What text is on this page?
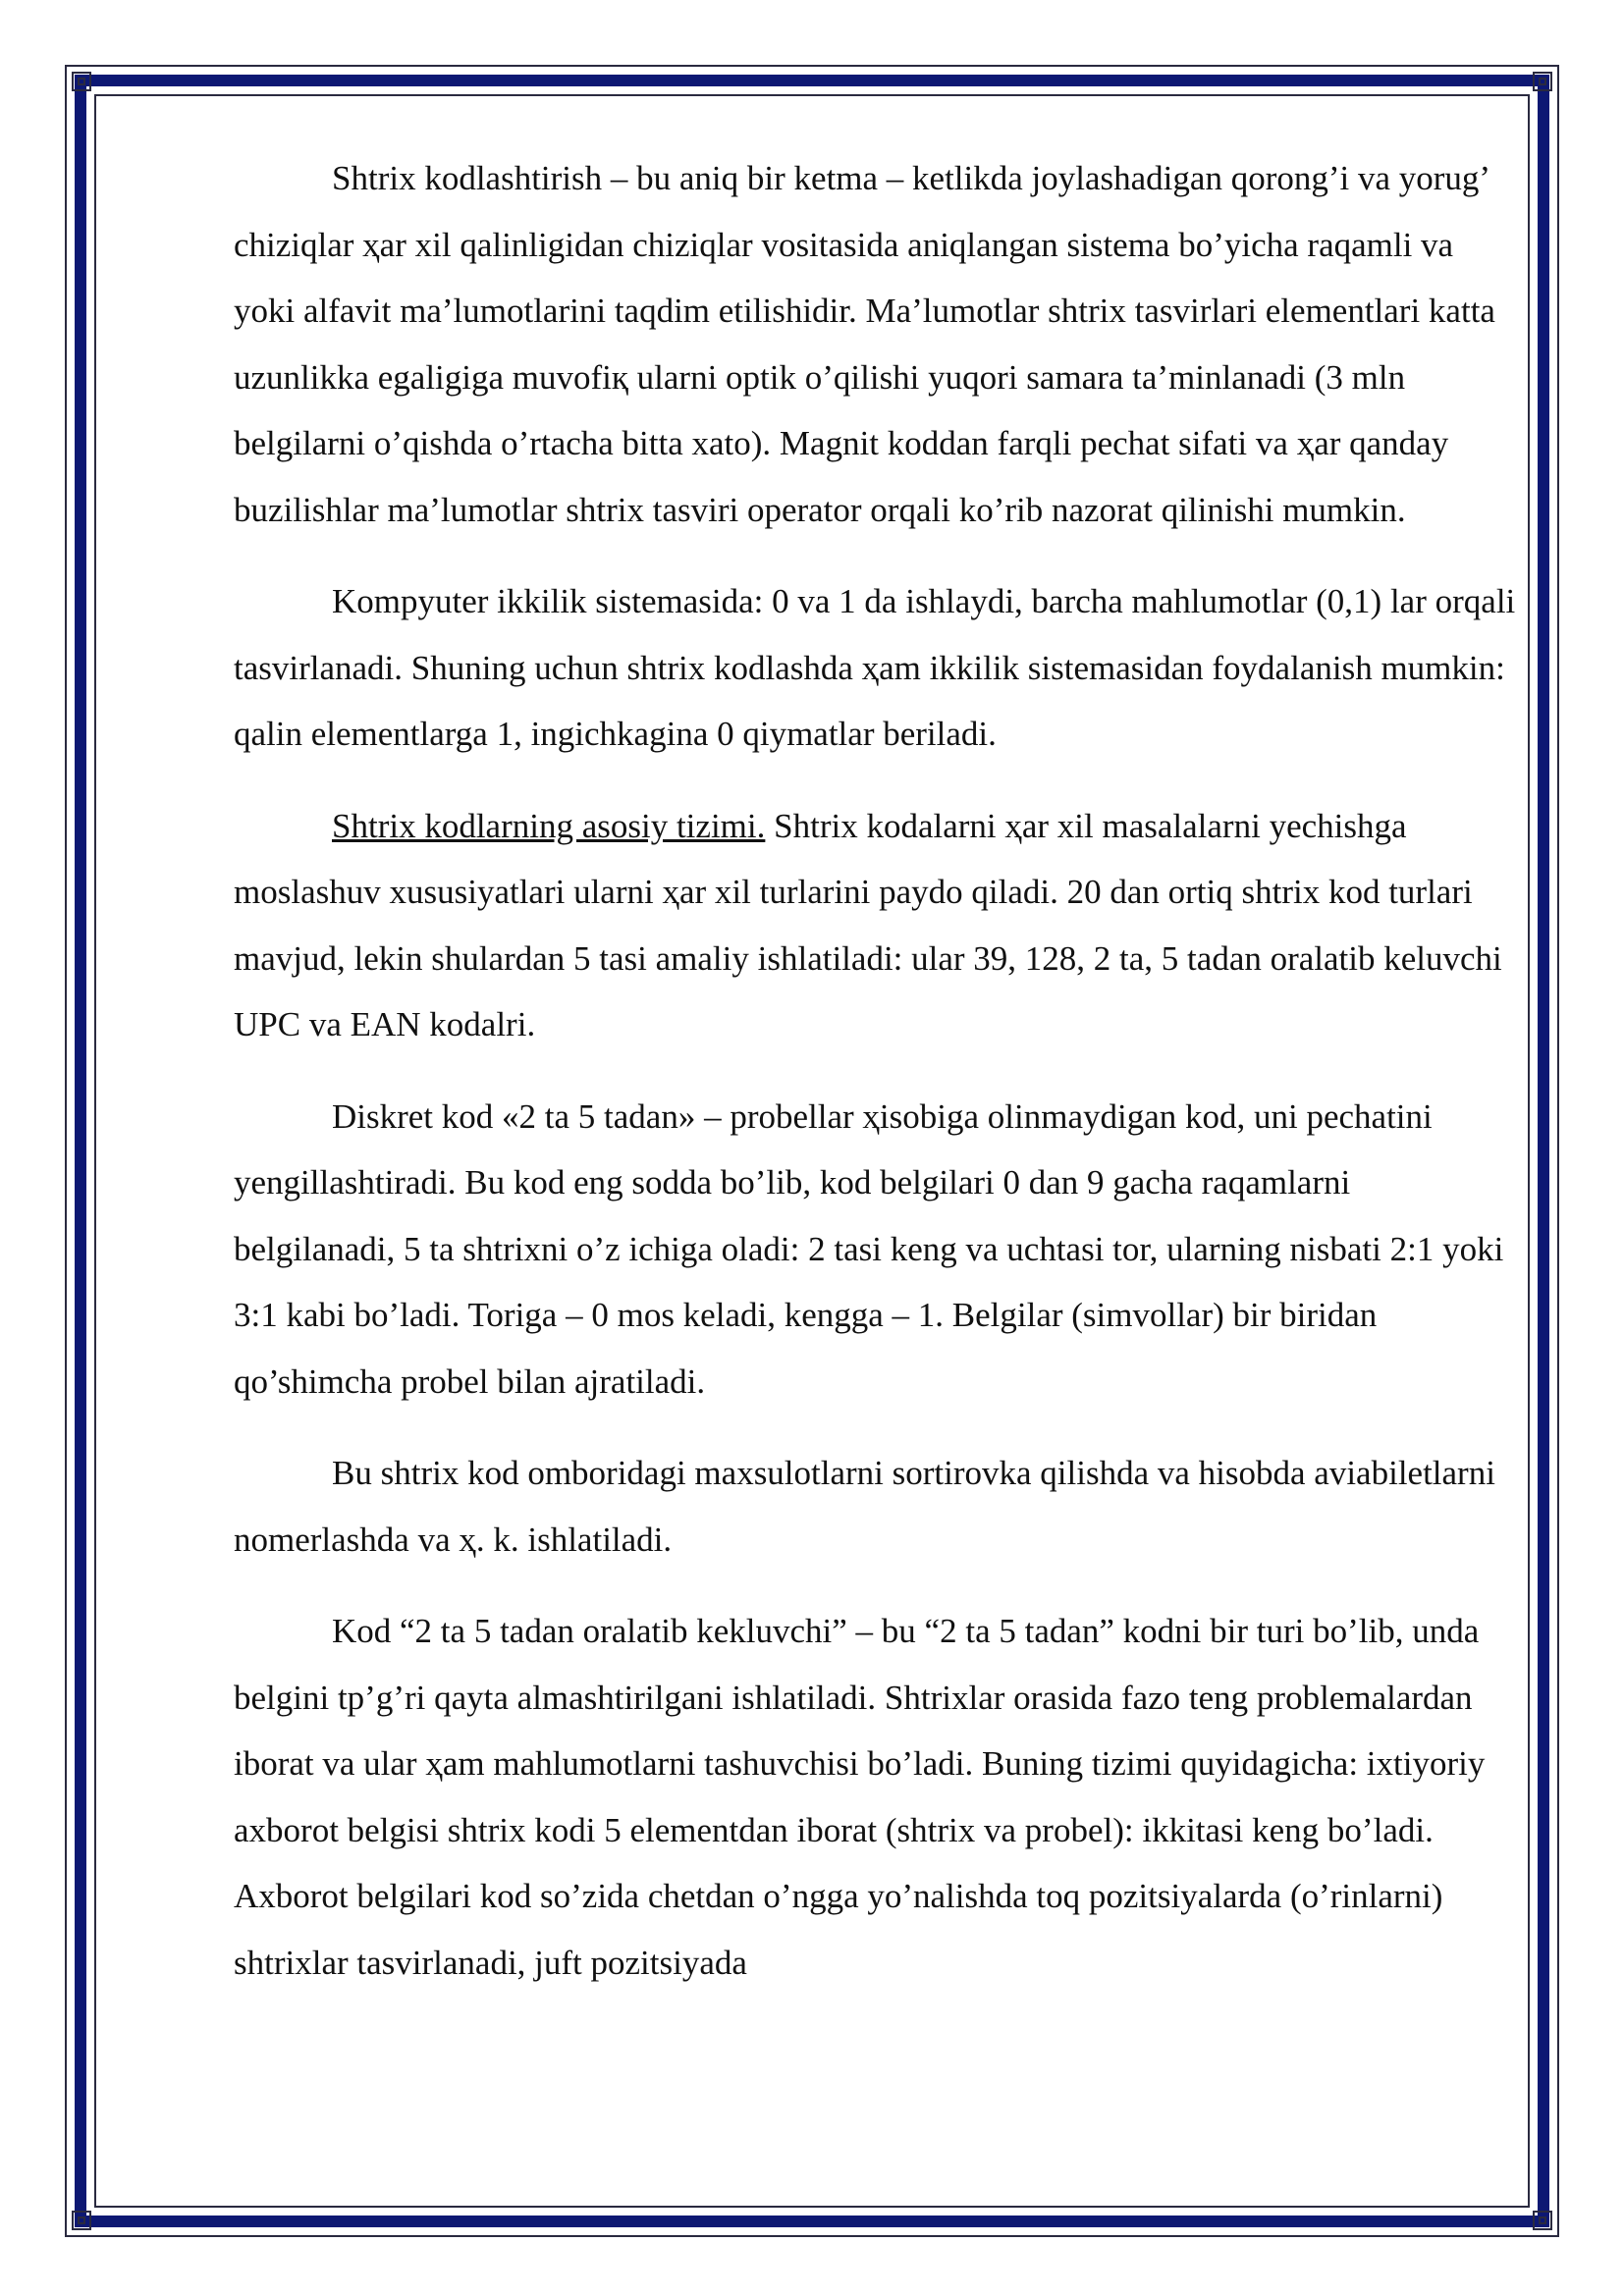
Shtrix kodlashtirish – bu aniq bir ketma – ketlikda joylashadigan qorong’i va yorug’ chiziqlar ҳar xil qalinligidan chiziqlar vositasida aniqlangan sistema bo’yicha raqamli va yoki alfavit ma’lumotlarini taqdim etilishidir. Ma’lumotlar shtrix tasvirlari elementlari katta uzunlikka egaligiga muvofiқ ularni optik o’qilishi yuqori samara ta’minlanadi (3 mln belgilarni o’qishda o’rtacha bitta xato). Magnit koddan farqli pechat sifati va ҳar qanday buzilishlar ma’lumotlar shtrix tasviri operator orqali ko’rib nazorat qilinishi mumkin.

Kompyuter ikkilik sistemasida: 0 va 1 da ishlaydi, barcha mahlumotlar (0,1) lar orqali tasvirlanadi. Shuning uchun shtrix kodlashda ҳam ikkilik sistemasidan foydalanish mumkin: qalin elementlarga 1, ingichkagina 0 qiymatlar beriladi.

Shtrix kodlarning asosiy tizimi. Shtrix kodalarni ҳar xil masalalarni yechishga moslashuv xususiyatlari ularni ҳar xil turlarini paydo qiladi. 20 dan ortiq shtrix kod turlari mavjud, lekin shulardan 5 tasi amaliy ishlatiladi: ular 39, 128, 2 ta, 5 tadan oralatib keluvchi UPC va EAN kodalri.

Diskret kod «2 ta 5 tadan» – probellar ҳisobiga olinmaydigan kod, uni pechatini yengillashtiradi. Bu kod eng sodda bo’lib, kod belgilari 0 dan 9 gacha raqamlarni belgilanadi, 5 ta shtrixni o’z ichiga oladi: 2 tasi keng va uchtasi tor, ularning nisbati 2:1 yoki 3:1 kabi bo’ladi. Toriga – 0 mos keladi, kengga – 1. Belgilar (simvollar) bir biridan qo’shimcha probel bilan ajratiladi.

Bu shtrix kod omboridagi maxsulotlarni sortirovka qilishda va hisobda aviabiletlarni nomerlashda va ҳ. k. ishlatiladi.

Kod “2 ta 5 tadan oralatib kekluvchi” – bu “2 ta 5 tadan” kodni bir turi bo’lib, unda belgini tp’g’ri qayta almashtirilgani ishlatiladi. Shtrixlar orasida fazo teng problemalardan iborat va ular ҳam mahlumotlarni tashuvchisi bo’ladi. Buning tizimi quyidagicha: ixtiyoriy axborot belgisi shtrix kodi 5 elementdan iborat (shtrix va probel): ikkitasi keng bo’ladi. Axborot belgilari kod so’zida chetdan o’ngga yo’nalishda toq pozitsiyalarda (o’rinlarni) shtrixlar tasvirlanadi, juft pozitsiyada
